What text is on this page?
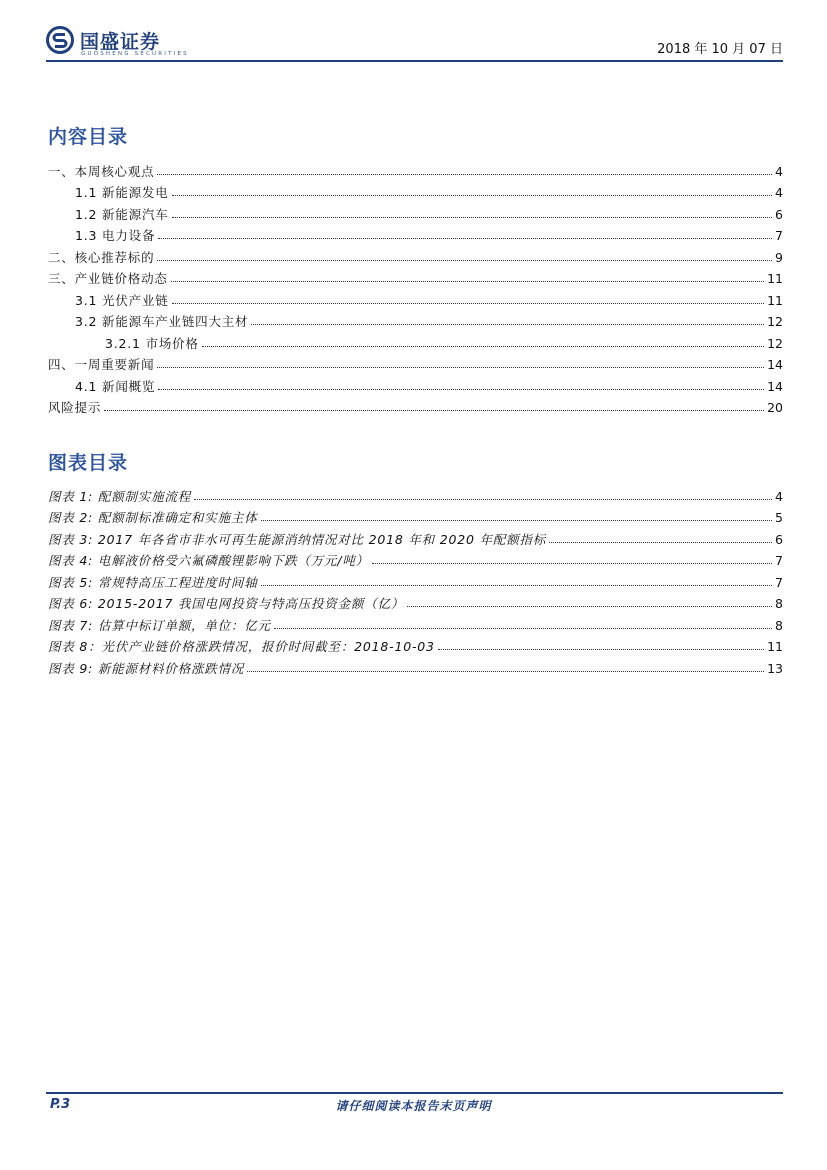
国盛证券
GUOSHENG SECURITIES	2018 年 10 月 07 日
内容目录
一、本周核心观点	4
1.1 新能源发电	4
1.2 新能源汽车	6
1.3 电力设备	7
二、核心推荐标的	9
三、产业链价格动态	11
3.1 光伏产业链	11
3.2 新能源车产业链四大主材	12
3.2.1 市场价格	12
四、一周重要新闻	14
4.1 新闻概览	14
风险提示	20
图表目录
图表 1: 配额制实施流程	4
图表 2: 配额制标准确定和实施主体	5
图表 3: 2017 年各省市非水可再生能源消纳情况对比 2018 年和 2020 年配额指标	6
图表 4: 电解液价格受六氟磷酸锂影响下跌（万元/吨）	7
图表 5: 常规特高压工程进度时间轴	7
图表 6: 2015-2017 我国电网投资与特高压投资金额（亿）	8
图表 7: 估算中标订单额，单位：亿元	8
图表 8：光伏产业链价格涨跌情况，报价时间截至：2018-10-03	11
图表 9: 新能源材料价格涨跌情况	13
P.3	请仔细阅读本报告末页声明
